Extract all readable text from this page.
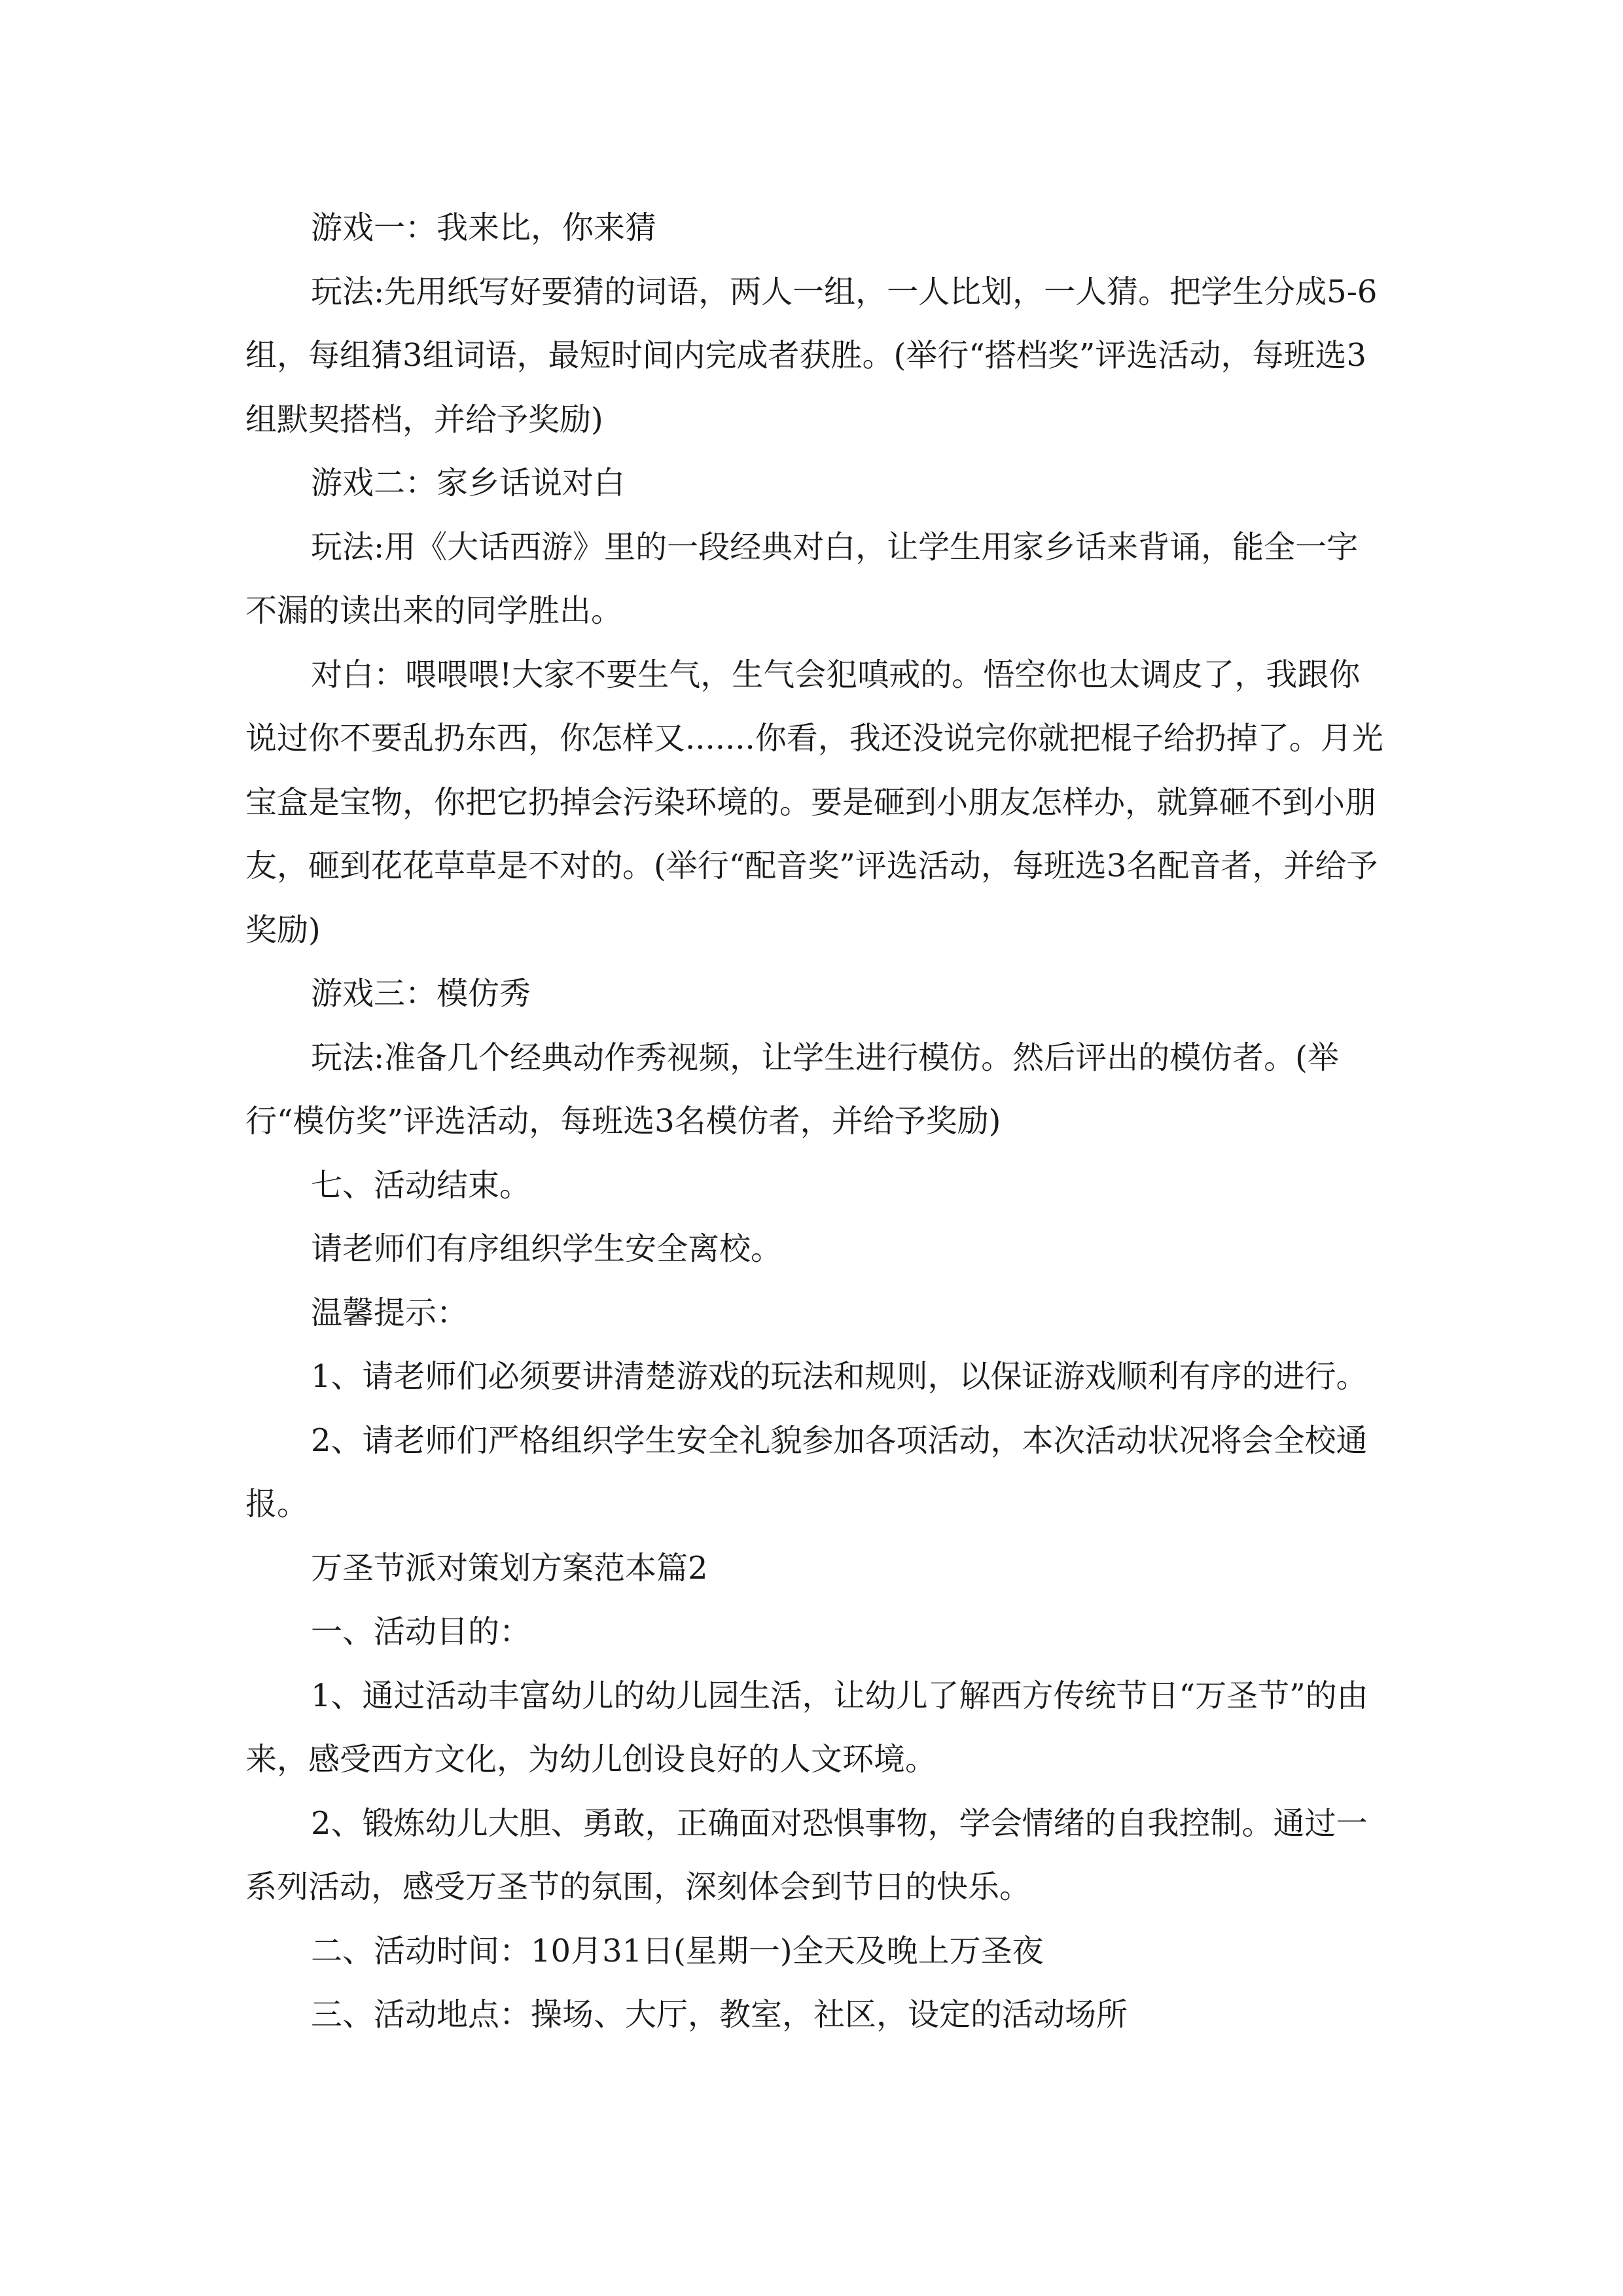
游戏一：我来比，你来猜

玩法:先用纸写好要猜的词语，两人一组，一人比划，一人猜。把学生分成5-6组，每组猜3组词语，最短时间内完成者获胜。(举行“搭档奖”评选活动，每班选3组默契搭档，并给予奖励)

游戏二：家乡话说对白

玩法:用《大话西游》里的一段经典对白，让学生用家乡话来背诵，能全一字不漏的读出来的同学胜出。

对白：喂喂喂!大家不要生气，生气会犯嗔戒的。悟空你也太调皮了，我跟你说过你不要乱扔东西，你怎样又.......你看，我还没说完你就把棍子给扔掉了。月光宝盒是宝物，你把它扔掉会污染环境的。要是砸到小朋友怎样办，就算砸不到小朋友，砸到花花草草是不对的。(举行“配音奖”评选活动，每班选3名配音者，并给予奖励)

游戏三：模仿秀

玩法:准备几个经典动作秀视频，让学生进行模仿。然后评出的模仿者。(举行“模仿奖”评选活动，每班选3名模仿者，并给予奖励)

七、活动结束。

请老师们有序组织学生安全离校。

温馨提示：

1、请老师们必须要讲清楚游戏的玩法和规则，以保证游戏顺利有序的进行。

2、请老师们严格组织学生安全礼貌参加各项活动，本次活动状况将会全校通报。

万圣节派对策划方案范本篇2

一、活动目的：

1、通过活动丰富幼儿的幼儿园生活，让幼儿了解西方传统节日“万圣节”的由来，感受西方文化，为幼儿创设良好的人文环境。

2、锻炼幼儿大胆、勇敢，正确面对恐惧事物，学会情绪的自我控制。通过一系列活动，感受万圣节的氛围，深刻体会到节日的快乐。

二、活动时间：10月31日(星期一)全天及晚上万圣夜

三、活动地点：操场、大厅，教室，社区，设定的活动场所
